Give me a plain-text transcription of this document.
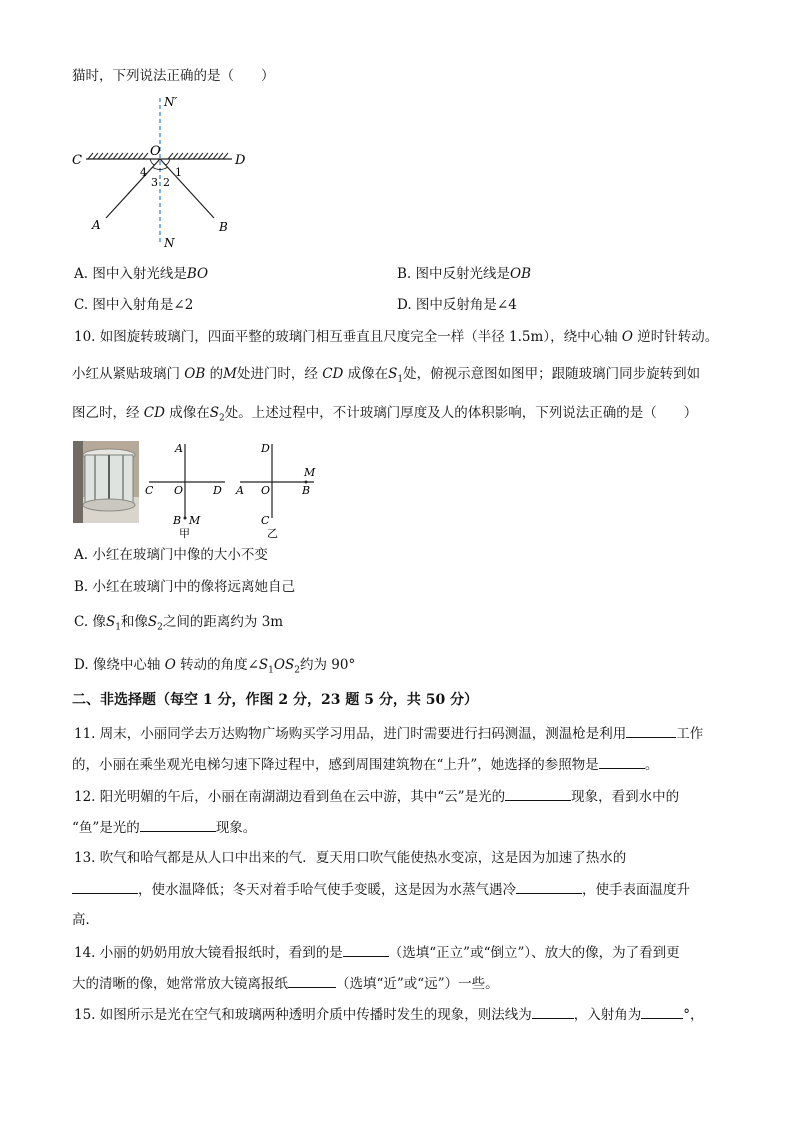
猫时，下列说法正确的是（　　）
N′
O
C	D
4	1
3 2
A	B
N
A. 图中入射光线是BO	B. 图中反射光线是OB
C. 图中入射角是∠2	D. 图中反射角是∠4
10. 如图旋转玻璃门，四面平整的玻璃门相互垂直且尺度完全一样（半径 1.5m），绕中心轴 O 逆时针转动。
小红从紧贴玻璃门 OB 的M处进门时，经 CD 成像在$S_1$处，俯视示意图如图甲；跟随玻璃门同步旋转到如
图乙时，经 CD 成像在$S_2$处。上述过程中，不计玻璃门厚度及人的体积影响，下列说法正确的是（　　）
A
C O	D
B M
甲
D
M
A O	B
C
乙
A. 小红在玻璃门中像的大小不变
B. 小红在玻璃门中的像将远离她自己
C. 像$S_1$和像$S_2$之间的距离约为 3m
D. 像绕中心轴 O 转动的角度$\angle S_1OS_2$约为 90°
二、非选择题（每空 1 分，作图 2 分，23 题 5 分，共 50 分）
11. 周末，小丽同学去万达购物广场购买学习用品，进门时需要进行扫码测温，测温枪是利用	工作
的，小丽在乘坐观光电梯匀速下降过程中，感到周围建筑物在“上升”，她选择的参照物是	。
12. 阳光明媚的午后，小丽在南湖湖边看到鱼在云中游，其中“云”是光的	现象，看到水中的
“鱼”是光的	现象。
13. 吹气和哈气都是从人口中出来的气．夏天用口吹气能使热水变凉，这是因为加速了热水的
，使水温降低；冬天对着手哈气使手变暖，这是因为水蒸气遇冷	，使手表面温度升
高．
14. 小丽的奶奶用放大镜看报纸时，看到的是	（选填“正立”或“倒立”）、放大的像，为了看到更
大的清晰的像，她常常放大镜离报纸	（选填“近”或“远”）一些。
15. 如图所示是光在空气和玻璃两种透明介质中传播时发生的现象，则法线为	，入射角为	°，
